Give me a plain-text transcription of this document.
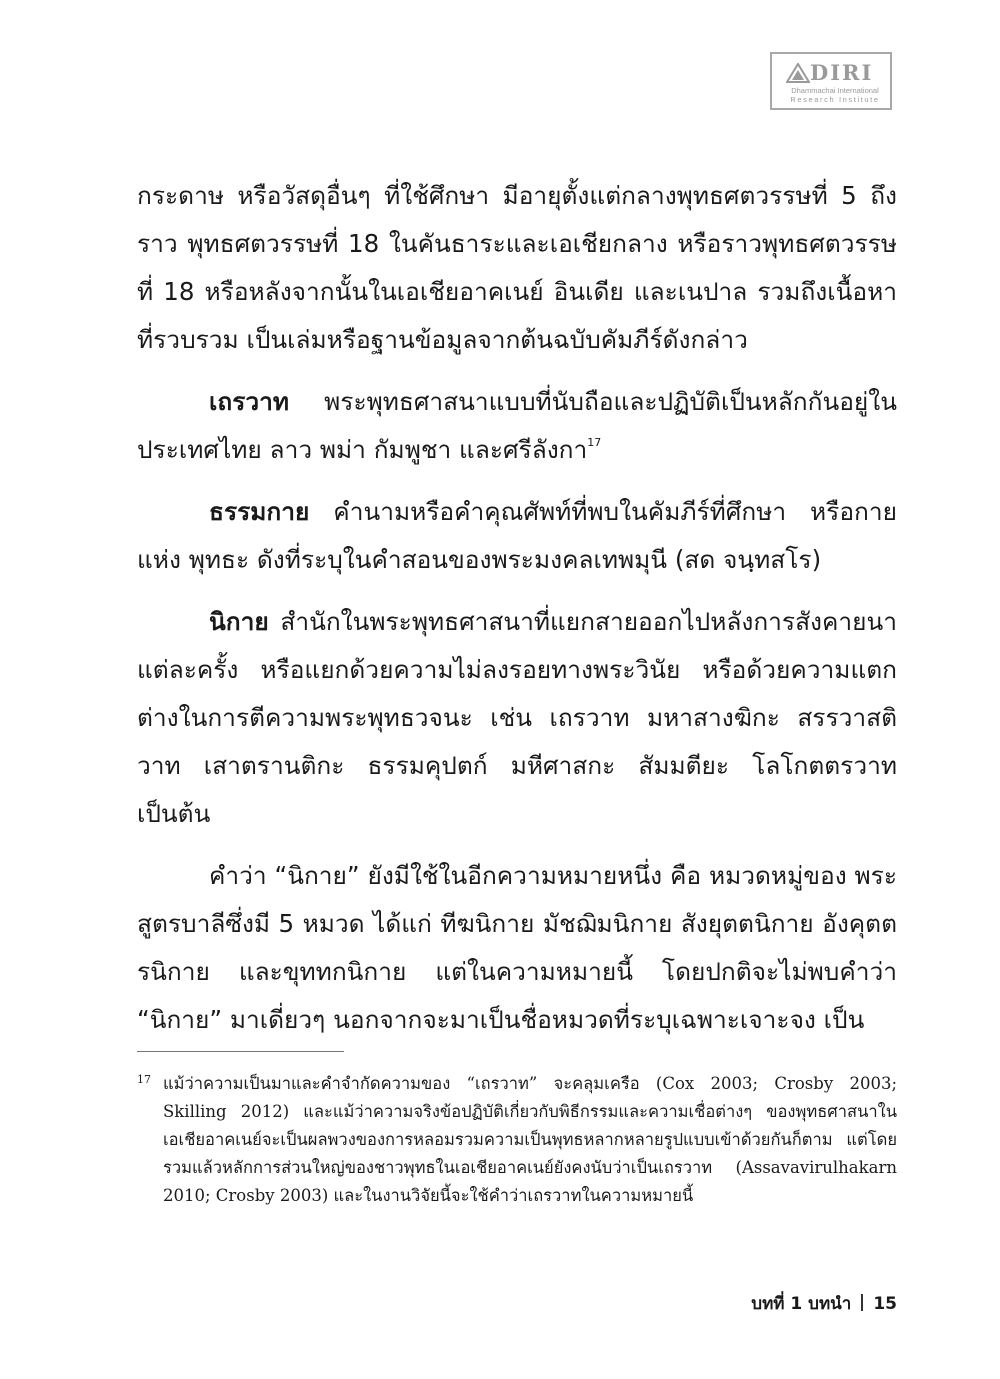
DIRI
Dhammachai International
Research Institute

กระดาษ หรือวัสดุอื่นๆ ที่ใช้ศึกษา มีอายุตั้งแต่กลางพุทธศตวรรษที่ 5 ถึงราว พุทธศตวรรษที่ 18 ในคันธาระและเอเชียกลาง หรือราวพุทธศตวรรษที่ 18 หรือหลังจากนั้นในเอเชียอาคเนย์ อินเดีย และเนปาล รวมถึงเนื้อหาที่รวบรวม เป็นเล่มหรือฐานข้อมูลจากต้นฉบับคัมภีร์ดังกล่าว

เถรวาท พระพุทธศาสนาแบบที่นับถือและปฏิบัติเป็นหลักกันอยู่ใน ประเทศไทย ลาว พม่า กัมพูชา และศรีลังกา$^{17}$

ธรรมกาย คำนามหรือคำคุณศัพท์ที่พบในคัมภีร์ที่ศึกษา หรือกายแห่ง พุทธะ ดังที่ระบุในคำสอนของพระมงคลเทพมุนี (สด จนฺทสโร)

นิกาย สำนักในพระพุทธศาสนาที่แยกสายออกไปหลังการสังคายนา แต่ละครั้ง หรือแยกด้วยความไม่ลงรอยทางพระวินัย หรือด้วยความแตก ต่างในการตีความพระพุทธวจนะ เช่น เถรวาท มหาสางฆิกะ สรรวาสติวาท เสาตรานติกะ ธรรมคุปตก์ มหีศาสกะ สัมมตียะ โลโกตตรวาท เป็นต้น

คำว่า “นิกาย” ยังมีใช้ในอีกความหมายหนึ่ง คือ หมวดหมู่ของ พระสูตรบาลีซึ่งมี 5 หมวด ได้แก่ ทีฆนิกาย มัชฌิมนิกาย สังยุตตนิกาย อังคุตตรนิกาย และขุททกนิกาย แต่ในความหมายนี้ โดยปกติจะไม่พบคำว่า “นิกาย” มาเดี่ยวๆ นอกจากจะมาเป็นชื่อหมวดที่ระบุเฉพาะเจาะจง เป็น

17 แม้ว่าความเป็นมาและคำจำกัดความของ “เถรวาท” จะคลุมเครือ (Cox 2003; Crosby 2003; Skilling 2012) และแม้ว่าความจริงข้อปฏิบัติเกี่ยวกับพิธีกรรมและความเชื่อต่างๆ ของพุทธศาสนาในเอเชียอาคเนย์จะเป็นผลพวงของการหลอมรวมความเป็นพุทธหลากหลายรูปแบบเข้าด้วยกันก็ตาม แต่โดยรวมแล้วหลักการส่วนใหญ่ของชาวพุทธในเอเชียอาคเนย์ยังคงนับว่าเป็นเถรวาท (Assavavirulhakarn 2010; Crosby 2003) และในงานวิจัยนี้จะใช้คำว่าเถรวาทในความหมายนี้
บทที่ 1 บทนำ 15
